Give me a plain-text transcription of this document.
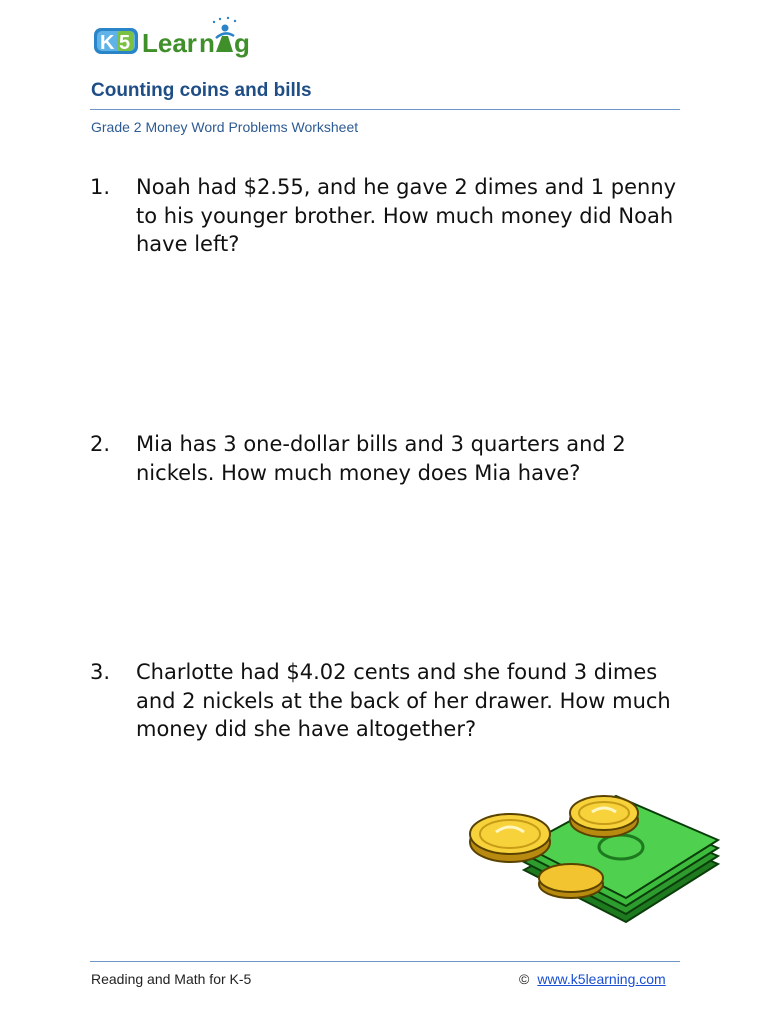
K 5 Lear n g
Counting coins and bills

Grade 2 Money Word Problems Worksheet

1. Noah had $2.55, and he gave 2 dimes and 1 penny to his younger brother. How much money did Noah have left?
2. Mia has 3 one-dollar bills and 3 quarters and 2 nickels. How much money does Mia have?
3. Charlotte had $4.02 cents and she found 3 dimes and 2 nickels at the back of her drawer. How much money did she have altogether?
Reading and Math for K-5	© www.k5learning.com
